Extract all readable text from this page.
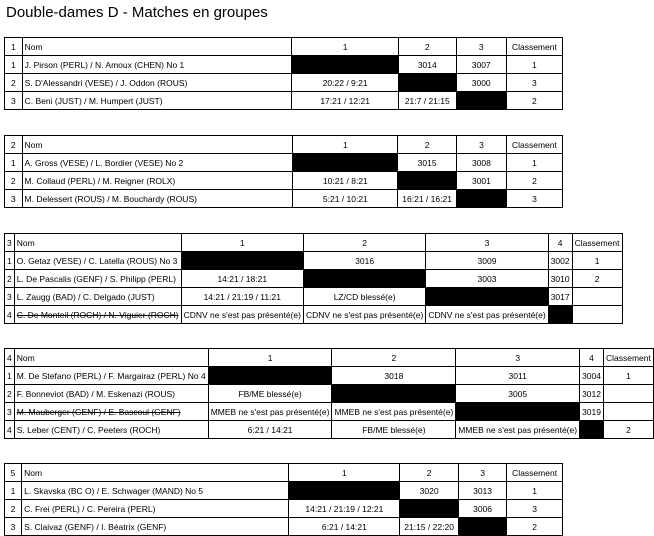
Double-dames D - Matches en groupes
1	Nom	1	2	3	Classement
1	J. Pirson (PERL) / N. Amoux (CHEN) No 1		3014	3007	1
2	S. D'Alessandri (VESE) / J. Oddon (ROUS)	20:22 / 9:21		3000	3
3	C. Beni (JUST) / M. Humpert (JUST)	17:21 / 12:21	21:7 / 21:15		2
2	Nom	1	2	3	Classement
1	A. Gross (VESE) / L. Bordier (VESE) No 2		3015	3008	1
2	M. Collaud (PERL) / M. Reigner (ROLX)	10:21 / 8:21		3001	2
3	M. Delessert (ROUS) / M. Bouchardy (ROUS)	5:21 / 10:21	16:21 / 16:21		3
3	Nom	1	2	3	4	Classement
1	O. Getaz (VESE) / C. Latella (ROUS) No 3		3016	3009	3002	1
2	L. De Pascalis (GENF) / S. Philipp (PERL)	14:21 / 18:21		3003	3010	2
3	L. Zaugg (BAD) / C. Delgado (JUST)	14:21 / 21:19 / 11:21	LZ/CD blessé(e)		3017	
4	C. De Monteil (ROCH) / N. Viguier (ROCH)	CDNV ne s'est pas présenté(e)	CDNV ne s'est pas présenté(e)	CDNV ne s'est pas présenté(e)		
4	Nom	1	2	3	4	Classement
1	M. De Stefano (PERL) / F. Margairaz (PERL) No 4		3018	3011	3004	1
2	F. Bonneviot (BAD) / M. Eskenazi (ROUS)	FB/ME blessé(e)		3005	3012	
3	M. Mauberger (GENF) / E. Bascoul (GENF)	MMEB ne s'est pas présenté(e)	MMEB ne s'est pas présenté(e)		3019	
4	S. Leber (CENT) / C. Peeters (ROCH)	6:21 / 14:21	FB/ME blessé(e)	MMEB ne s'est pas présenté(e)		2
5	Nom	1	2	3	Classement
1	L. Skavska (BC O) / E. Schwager (MAND) No 5		3020	3013	1
2	C. Frei (PERL) / C. Pereira (PERL)	14:21 / 21:19 / 12:21		3006	3
3	S. Claivaz (GENF) / I. Béatrix (GENF)	6:21 / 14:21	21:15 / 22:20		2
